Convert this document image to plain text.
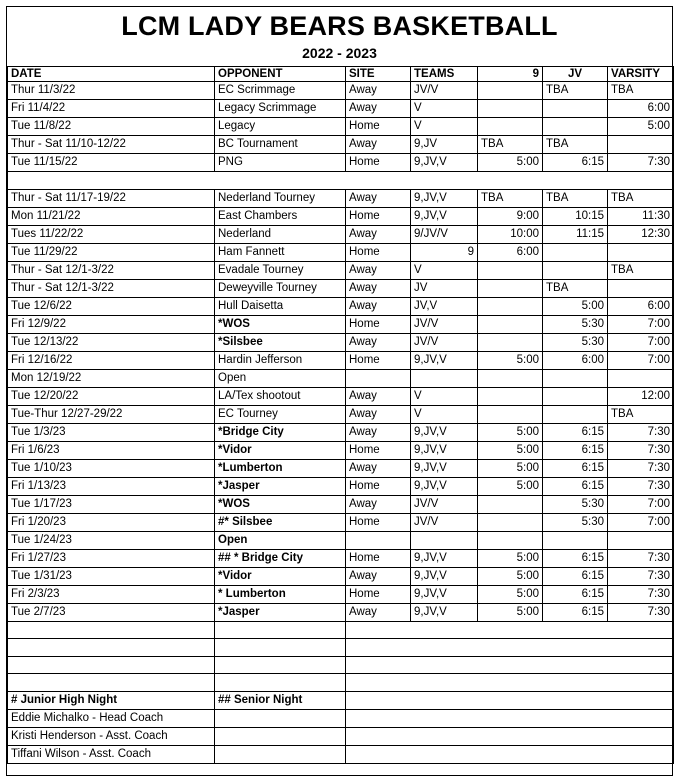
LCM LADY BEARS BASKETBALL
2022 - 2023
DATE	OPPONENT	SITE	TEAMS	9	JV	VARSITY
Thur 11/3/22	EC Scrimmage	Away	JV/V		TBA	TBA
Fri 11/4/22	Legacy Scrimmage	Away	V			6:00
Tue 11/8/22	Legacy	Home	V			5:00
Thur - Sat 11/10-12/22	BC Tournament	Away	9,JV	TBA	TBA	
Tue 11/15/22	PNG	Home	9,JV,V	5:00	6:15	7:30

Thur - Sat 11/17-19/22	Nederland Tourney	Away	9,JV,V	TBA	TBA	TBA
Mon 11/21/22	East Chambers	Home	9,JV,V	9:00	10:15	11:30
Tues 11/22/22	Nederland	Away	9/JV/V	10:00	11:15	12:30
Tue 11/29/22	Ham Fannett	Home	9	6:00		
Thur - Sat 12/1-3/22	Evadale Tourney	Away	V			TBA
Thur - Sat 12/1-3/22	Deweyville Tourney	Away	JV		TBA	
Tue 12/6/22	Hull Daisetta	Away	JV,V		5:00	6:00
Fri 12/9/22	*WOS	Home	JV/V		5:30	7:00
Tue 12/13/22	*Silsbee	Away	JV/V		5:30	7:00
Fri 12/16/22	Hardin Jefferson	Home	9,JV,V	5:00	6:00	7:00
Mon 12/19/22	Open					
Tue 12/20/22	LA/Tex shootout	Away	V			12:00
Tue-Thur 12/27-29/22	EC Tourney	Away	V			TBA
Tue 1/3/23	*Bridge City	Away	9,JV,V	5:00	6:15	7:30
Fri 1/6/23	*Vidor	Home	9,JV,V	5:00	6:15	7:30
Tue 1/10/23	*Lumberton	Away	9,JV,V	5:00	6:15	7:30
Fri 1/13/23	*Jasper	Home	9,JV,V	5:00	6:15	7:30
Tue 1/17/23	*WOS	Away	JV/V		5:30	7:00
Fri 1/20/23	#* Silsbee	Home	JV/V		5:30	7:00
Tue 1/24/23	Open					
Fri 1/27/23	## * Bridge City	Home	9,JV,V	5:00	6:15	7:30
Tue 1/31/23	*Vidor	Away	9,JV,V	5:00	6:15	7:30
Fri 2/3/23	* Lumberton	Home	9,JV,V	5:00	6:15	7:30
Tue 2/7/23	*Jasper	Away	9,JV,V	5:00	6:15	7:30

# Junior High Night	## Senior Night					
Eddie Michalko - Head Coach						
Kristi Henderson - Asst. Coach						
Tiffani Wilson - Asst. Coach						
